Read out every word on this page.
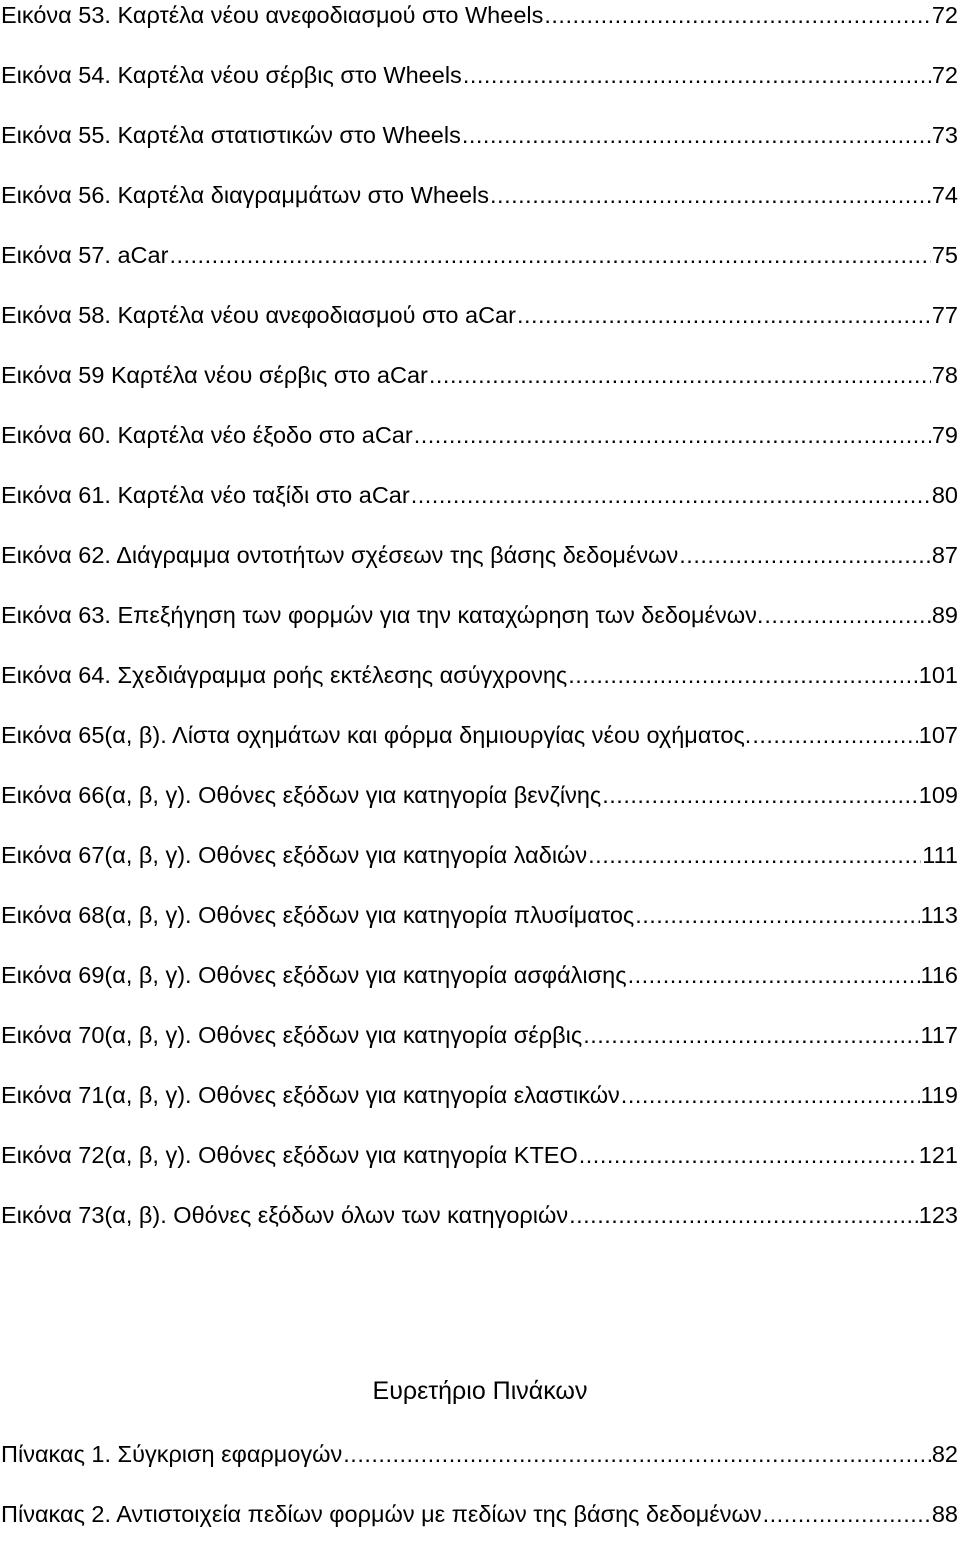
Εικόνα 53. Καρτέλα νέου ανεφοδιασμού στο Wheels .....	72
Εικόνα 54. Καρτέλα νέου σέρβις στο Wheels .....	72
Εικόνα 55. Καρτέλα στατιστικών στο Wheels .....	73
Εικόνα 56. Καρτέλα διαγραμμάτων στο Wheels .....	74
Εικόνα 57. aCar .....	75
Εικόνα 58. Καρτέλα νέου ανεφοδιασμού στο aCar .....	77
Εικόνα 59 Καρτέλα νέου σέρβις στο aCar .....	78
Εικόνα 60. Καρτέλα νέο έξοδο στο aCar .....	79
Εικόνα 61. Καρτέλα νέο ταξίδι στο aCar .....	80
Εικόνα 62. Διάγραμμα οντοτήτων σχέσεων της βάσης δεδομένων .....	87
Εικόνα 63. Επεξήγηση των φορμών για την καταχώρηση των δεδομένων. .....	89
Εικόνα 64. Σχεδιάγραμμα ροής εκτέλεσης ασύγχρονης .....	101
Εικόνα 65(α, β). Λίστα οχημάτων και φόρμα δημιουργίας νέου οχήματος. .....	107
Εικόνα 66(α, β, γ). Οθόνες εξόδων για κατηγορία βενζίνης .....	109
Εικόνα 67(α, β, γ). Οθόνες εξόδων για κατηγορία λαδιών .....	111
Εικόνα 68(α, β, γ). Οθόνες εξόδων για κατηγορία πλυσίματος .....	113
Εικόνα 69(α, β, γ). Οθόνες εξόδων για κατηγορία ασφάλισης .....	116
Εικόνα 70(α, β, γ). Οθόνες εξόδων για κατηγορία σέρβις .....	117
Εικόνα 71(α, β, γ). Οθόνες εξόδων για κατηγορία ελαστικών .....	119
Εικόνα 72(α, β, γ). Οθόνες εξόδων για κατηγορία ΚΤΕΟ .....	121
Εικόνα 73(α, β). Οθόνες εξόδων όλων των κατηγοριών .....	123
Ευρετήριο Πινάκων
Πίνακας 1. Σύγκριση εφαρμογών .....	82
Πίνακας 2. Αντιστοιχεία πεδίων φορμών με πεδίων της βάσης δεδομένων .....	88
